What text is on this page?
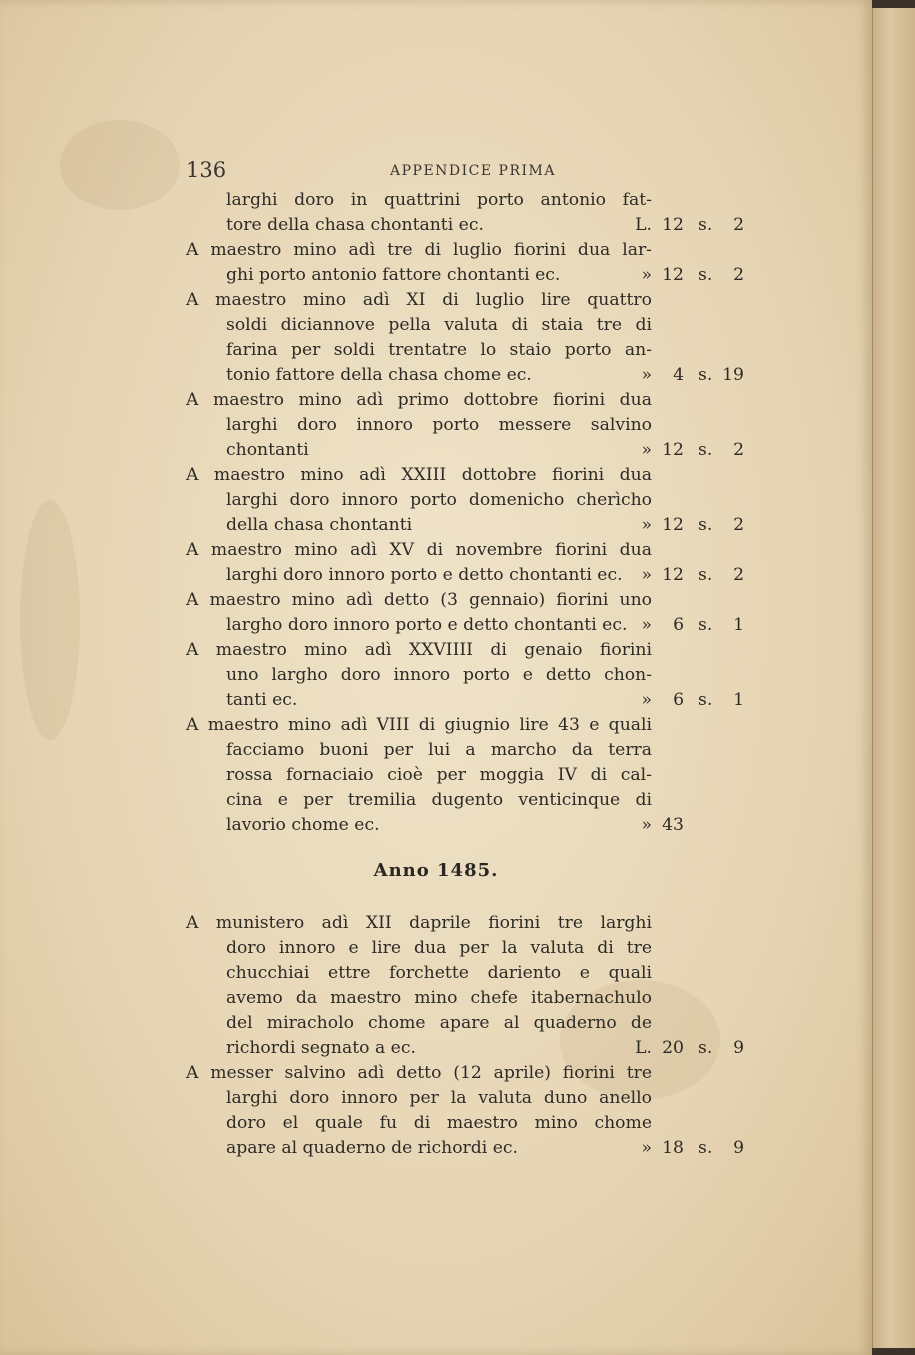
136	APPENDICE PRIMA
larghi doro in quattrini porto antonio fat-
tore della chasa chontanti ec.	L. 12 s.	2
A maestro mino adì tre di luglio fiorini dua lar-
ghi porto antonio fattore chontanti ec.	» 12 s.	2
A maestro mino adì XI di luglio lire quattro
soldi diciannove pella valuta di staia tre di
farina per soldi trentatre lo staio porto an-
tonio fattore della chasa chome ec.	»	4 s. 19
A maestro mino adì primo dottobre fiorini dua
larghi doro innoro porto messere salvino
chontanti	» 12 s.	2
A maestro mino adì XXIII dottobre fiorini dua
larghi doro innoro porto domenicho cherìcho
della chasa chontanti	» 12 s.	2
A maestro mino adì XV di novembre fiorini dua
larghi doro innoro porto e detto chontanti ec.	» 12 s.	2
A maestro mino adì detto (3 gennaio) fiorini uno
largho doro innoro porto e detto chontanti ec. »	6 s.	1
A maestro mino adì XXVIIII di genaio fiorini
uno largho doro innoro porto e detto chon-
tanti ec.	»	6 s.	1
A maestro mino adì VIII di giugnio lire 43 e quali
facciamo buoni per lui a marcho da terra
rossa fornaciaio cioè per moggia IV di cal-
cina e per tremilia dugento venticinque di
lavorio chome ec.	» 43
Anno 1485.
A munistero adì XII daprile fiorini tre larghi
doro innoro e lire dua per la valuta di tre
chucchiai ettre forchette dariento e quali
avemo da maestro mino chefe itabernachulo
del miracholo chome apare al quaderno de
richordi segnato a ec.	L. 20 s.	9
A messer salvino adì detto (12 aprile) fiorini tre
larghi doro innoro per la valuta duno anello
doro el quale fu di maestro mino chome
apare al quaderno de richordi ec.	» 18 s.	9
